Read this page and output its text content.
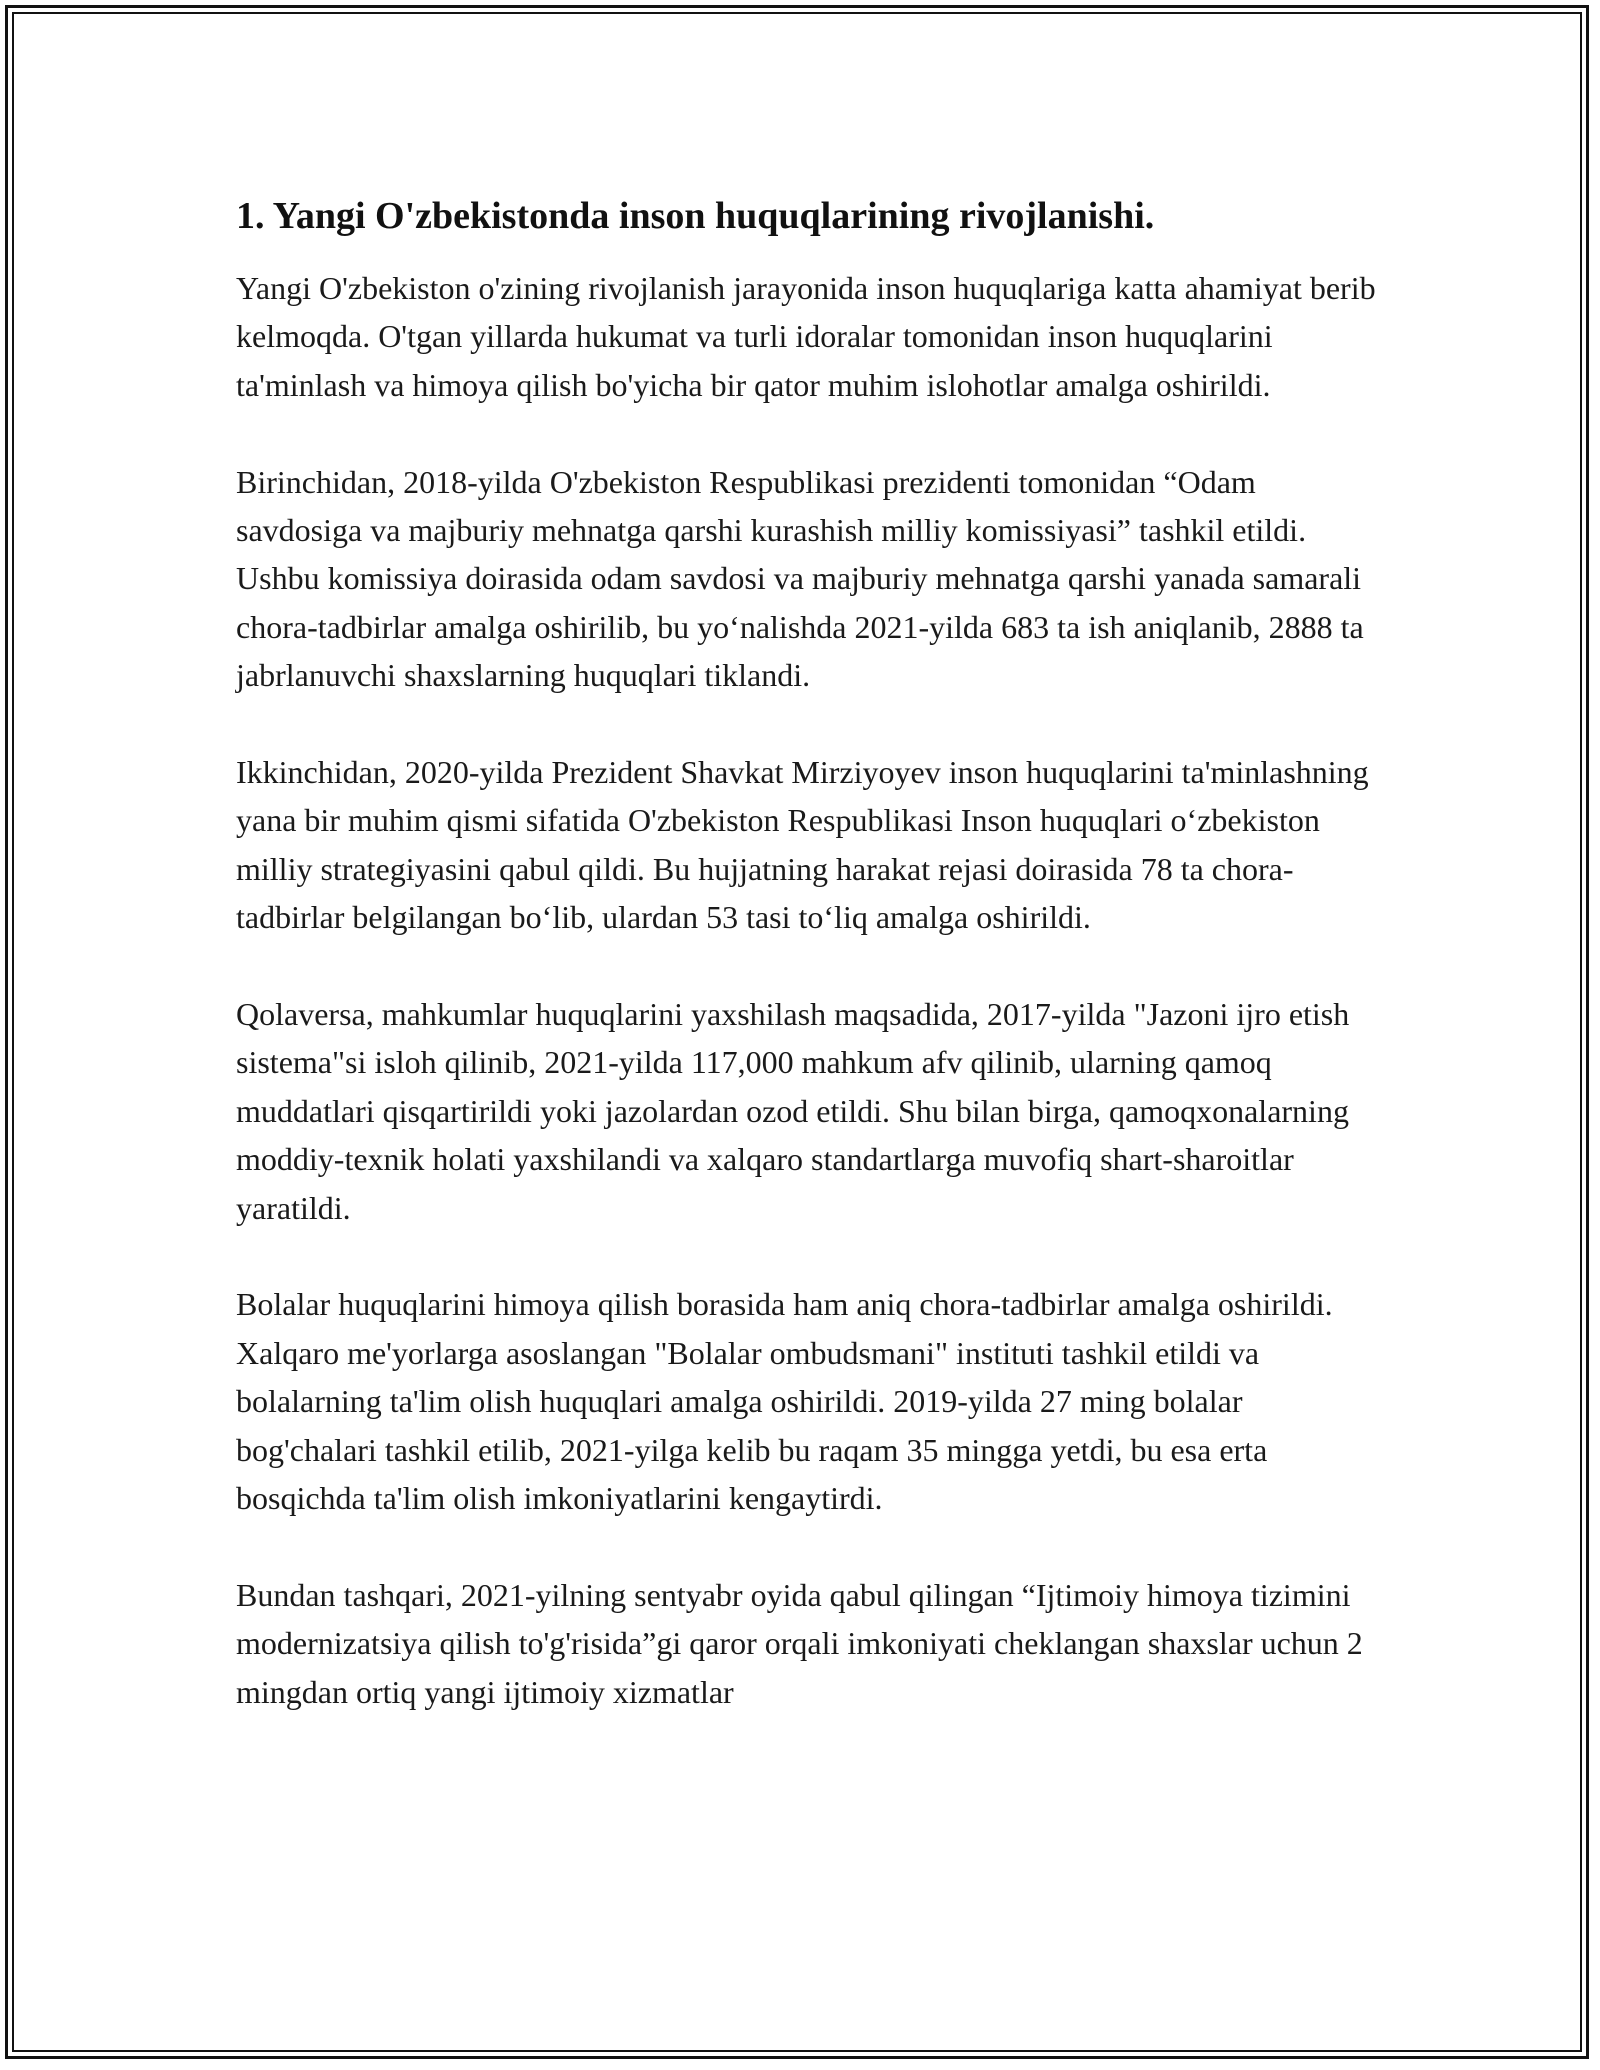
1. Yangi O'zbekistonda inson huquqlarining rivojlanishi.

Yangi O'zbekiston o'zining rivojlanish jarayonida inson huquqlariga katta ahamiyat berib kelmoqda. O'tgan yillarda hukumat va turli idoralar tomonidan inson huquqlarini ta'minlash va himoya qilish bo'yicha bir qator muhim islohotlar amalga oshirildi.

Birinchidan, 2018-yilda O'zbekiston Respublikasi prezidenti tomonidan “Odam savdosiga va majburiy mehnatga qarshi kurashish milliy komissiyasi” tashkil etildi. Ushbu komissiya doirasida odam savdosi va majburiy mehnatga qarshi yanada samarali chora-tadbirlar amalga oshirilib, bu yoʻnalishda 2021-yilda 683 ta ish aniqlanib, 2888 ta jabrlanuvchi shaxslarning huquqlari tiklandi.

Ikkinchidan, 2020-yilda Prezident Shavkat Mirziyoyev inson huquqlarini ta'minlashning yana bir muhim qismi sifatida O'zbekiston Respublikasi Inson huquqlari oʻzbekiston milliy strategiyasini qabul qildi. Bu hujjatning harakat rejasi doirasida 78 ta chora-tadbirlar belgilangan boʻlib, ulardan 53 tasi toʻliq amalga oshirildi.

Qolaversa, mahkumlar huquqlarini yaxshilash maqsadida, 2017-yilda "Jazoni ijro etish sistema"si isloh qilinib, 2021-yilda 117,000 mahkum afv qilinib, ularning qamoq muddatlari qisqartirildi yoki jazolardan ozod etildi. Shu bilan birga, qamoqxonalarning moddiy-texnik holati yaxshilandi va xalqaro standartlarga muvofiq shart-sharoitlar yaratildi.

Bolalar huquqlarini himoya qilish borasida ham aniq chora-tadbirlar amalga oshirildi. Xalqaro me'yorlarga asoslangan "Bolalar ombudsmani" instituti tashkil etildi va bolalarning ta'lim olish huquqlari amalga oshirildi. 2019-yilda 27 ming bolalar bog'chalari tashkil etilib, 2021-yilga kelib bu raqam 35 mingga yetdi, bu esa erta bosqichda ta'lim olish imkoniyatlarini kengaytirdi.

Bundan tashqari, 2021-yilning sentyabr oyida qabul qilingan “Ijtimoiy himoya tizimini modernizatsiya qilish to'g'risida”gi qaror orqali imkoniyati cheklangan shaxslar uchun 2 mingdan ortiq yangi ijtimoiy xizmatlar
